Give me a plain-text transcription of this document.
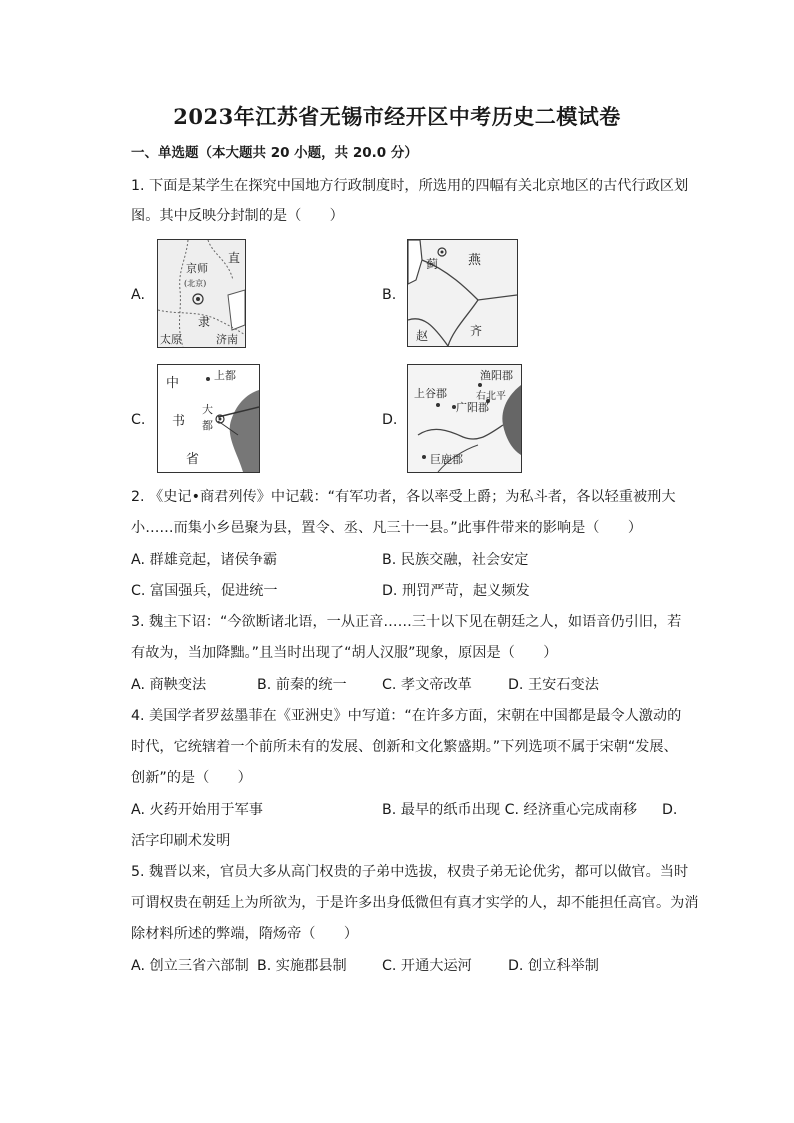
2023年江苏省无锡市经开区中考历史二模试卷
一、单选题（本大题共 20 小题，共 20.0 分）
1. 下面是某学生在探究中国地方行政制度时，所选用的四幅有关北京地区的古代行政区划
图。其中反映分封制的是（　　）
A.
直
京师
(北京)
隶
太原	济南
B.
蓟 燕
赵	齐
C.
上都
中
大
都
书
省
D.
渔阳郡
上谷郡	右北平
广阳郡
巨鹿郡
2. 《史记•商君列传》中记载：“有军功者，各以率受上爵；为私斗者，各以轻重被刑大
小……而集小乡邑聚为县，置令、丞、凡三十一县。”此事件带来的影响是（　　）
A. 群雄竞起，诸侯争霸	B. 民族交融，社会安定
C. 富国强兵，促进统一	D. 刑罚严苛，起义频发
3. 魏主下诏：“今欲断诸北语，一从正音……三十以下见在朝廷之人，如语音仍引旧，若
有故为，当加降黜。”且当时出现了“胡人汉服”现象，原因是（　　）
A. 商鞅变法	B. 前秦的统一 C. 孝文帝改革	D. 王安石变法
4. 美国学者罗兹墨菲在《亚洲史》中写道：“在许多方面，宋朝在中国都是最令人激动的
时代，它统辖着一个前所未有的发展、创新和文化繁盛期。”下列选项不属于宋朝“发展、
创新”的是（　　）
A. 火药开始用于军事	B. 最早的纸币出现 C. 经济重心完成南移 D.
活字印刷术发明
5. 魏晋以来，官员大多从高门权贵的子弟中选拔，权贵子弟无论优劣，都可以做官。当时
可谓权贵在朝廷上为所欲为，于是许多出身低微但有真才实学的人，却不能担任高官。为消
除材料所述的弊端，隋炀帝（　　）
A. 创立三省六部制 B. 实施郡县制 C. 开通大运河	D. 创立科举制
